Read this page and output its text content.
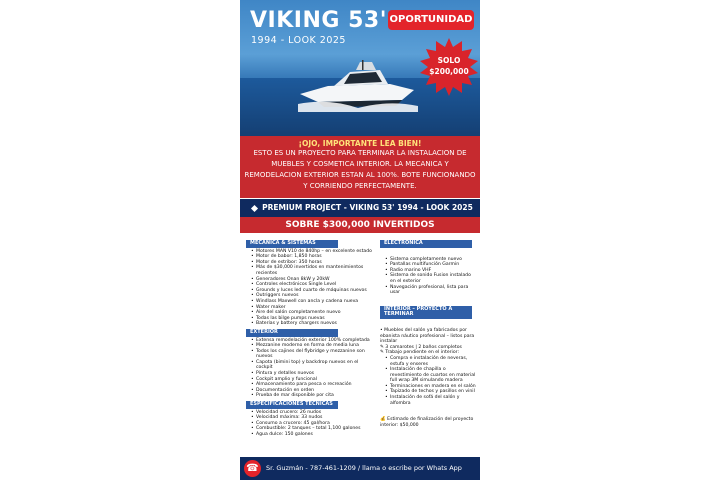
VIKING 53'
1994 - LOOK 2025
OPORTUNIDAD
SOLO
$200,000
¡OJO, IMPORTANTE LEA BIEN!
ESTO ES UN PROYECTO PARA TERMINAR LA INSTALACION DE MUEBLES Y COSMETICA INTERIOR. LA MECANICA Y REMODELACION EXTERIOR ESTAN AL 100%. BOTE FUNCIONANDO Y CORRIENDO PERFECTAMENTE.
PREMIUM PROJECT - VIKING 53' 1994 - LOOK 2025
SOBRE $300,000 INVERTIDOS
MECÁNICA & SISTEMAS
• Motores MAN V10 de 840hp – en excelente estado
• Motor de babor: 1,850 horas
• Motor de estribor: 350 horas
• Más de $30,000 invertidos en mantenimientos recientes
• Generadores Onan 8kW y 20kW
• Controles electrónicos Single Level
• Grounds y luces led cuarto de máquinas nuevos
• Outriggers nuevos
• Windlass Maxwell con ancla y cadena nueva
• Water maker
• Aire del salón completamente nuevo
• Todas las bilge pumps nuevas
• Baterías y battery chargers nuevos
EXTERIOR
• Extensa remodelación exterior 100% completada
• Mezzanine moderno en forma de media luna
• Todos los cajines del flybridge y mezzanine son nuevos
• Capota (bimini top) y backdrop nuevos en el cockpit
• Pintura y detalles nuevos
• Cockpit amplio y funcional
• Almacenamiento para pesca o recreación
• Documentación en orden
• Prueba de mar disponible por cita
ESPECIFICACIONES TÉCNICAS
• Velocidad crucero: 26 nudos
• Velocidad máxima: 33 nudos
• Consumo a crucero: 45 gal/hora
• Combustible: 2 tanques – total 1,100 galones
• Agua dulce: 150 galones
ELECTRÓNICA
• Sistema completamente nuevo
• Pantallas multifunción Garmin
• Radio marino VHF
• Sistema de sonido Fusion instalado en el exterior
• Navegación profesional, lista para usar
INTERIOR – PROYECTO A TERMINAR
• Muebles del salón ya fabricados por ebanista náutico profesional – listos para instalar
✎ 3 camarotes | 2 baños completos
✎ Trabajo pendiente en el interior:
• Compra e instalación de neveras, estufa y enseres
• Instalación de chapilla o revestimiento de cuartos en material full wrap 3M simulando madera
• Terminaciones en madera en el salón
• Tapizado de techos y pasillos en vinil
• Instalación de sofá del salón y alfombra
💰 Estimado de finalización del proyecto interior: $50,000
☎	Sr. Guzmán - 787-461-1209 / llama o escribe por Whats App
